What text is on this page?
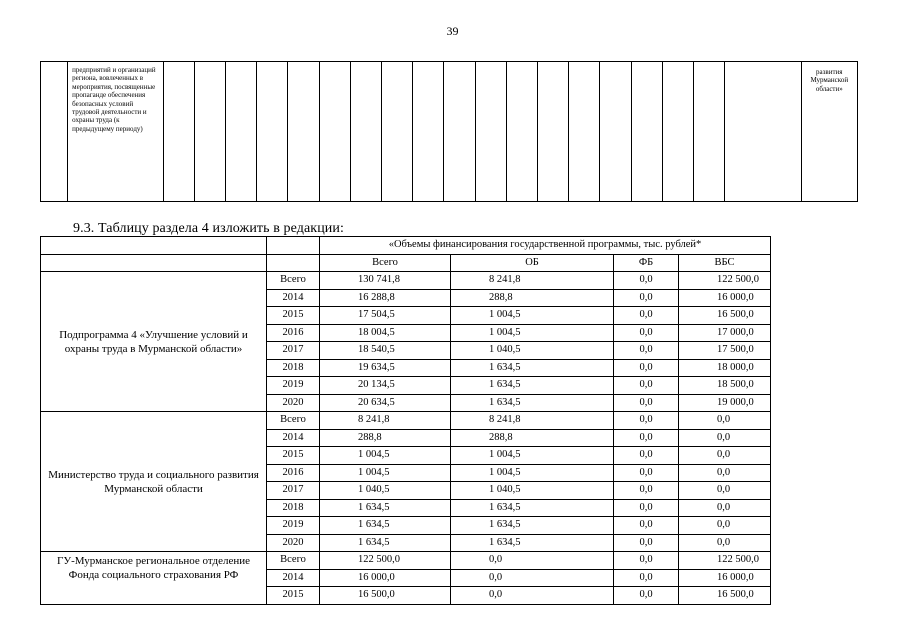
39
	предприятий и организаций региона, вовлеченных в мероприятия, посвященные пропаганде обеспечения безопасных условий трудовой деятельности и охраны труда (к предыдущему периоду)																				развития Мурманской области»
9.3. Таблицу раздела 4 изложить в редакции:
		«Объемы финансирования государственной программы, тыс. рублей*			
		Всего	ОБ	ФБ	ВБС
Подпрограмма 4 «Улучшение условий и охраны труда в Мурманской области»	Всего	130 741,8	8 241,8	0,0	122 500,0
	2014	16 288,8	288,8	0,0	16 000,0
	2015	17 504,5	1 004,5	0,0	16 500,0
	2016	18 004,5	1 004,5	0,0	17 000,0
	2017	18 540,5	1 040,5	0,0	17 500,0
	2018	19 634,5	1 634,5	0,0	18 000,0
	2019	20 134,5	1 634,5	0,0	18 500,0
	2020	20 634,5	1 634,5	0,0	19 000,0
Министерство труда и социального развития Мурманской области	Всего	8 241,8	8 241,8	0,0	0,0
	2014	288,8	288,8	0,0	0,0
	2015	1 004,5	1 004,5	0,0	0,0
	2016	1 004,5	1 004,5	0,0	0,0
	2017	1 040,5	1 040,5	0,0	0,0
	2018	1 634,5	1 634,5	0,0	0,0
	2019	1 634,5	1 634,5	0,0	0,0
	2020	1 634,5	1 634,5	0,0	0,0
ГУ-Мурманское региональное отделение Фонда социального страхования РФ	Всего	122 500,0	0,0	0,0	122 500,0
	2014	16 000,0	0,0	0,0	16 000,0
	2015	16 500,0	0,0	0,0	16 500,0
